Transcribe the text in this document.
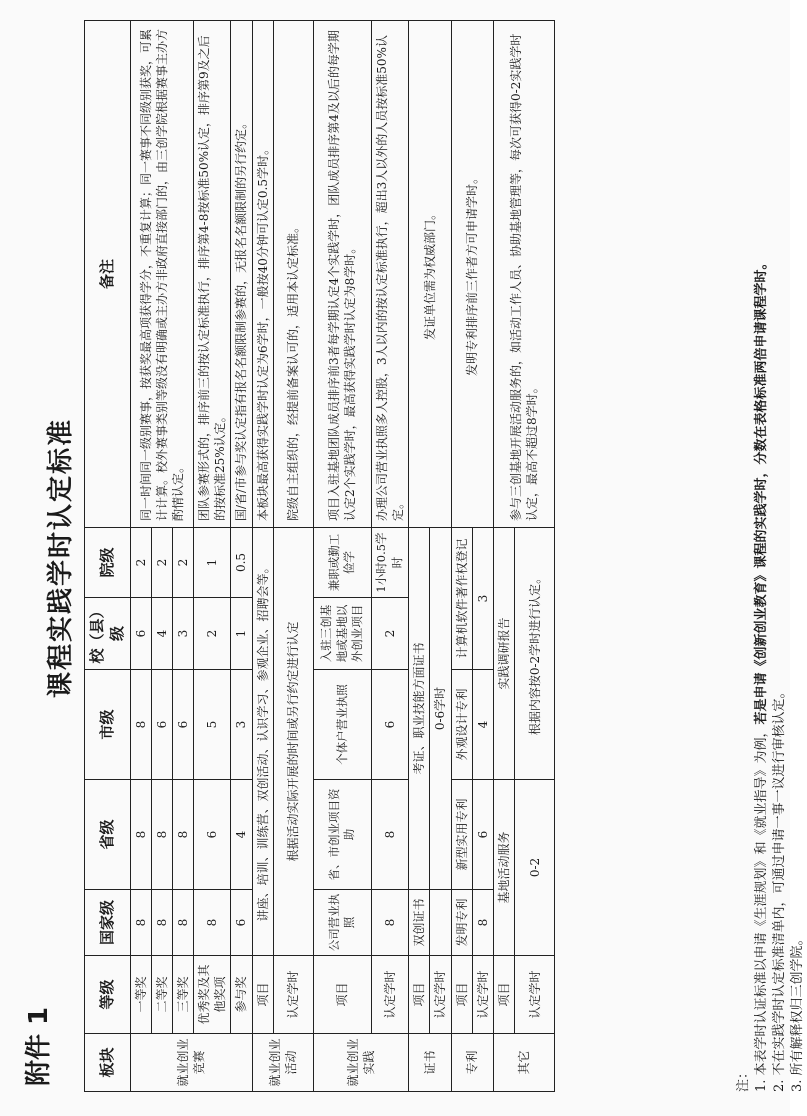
附件 1
课程实践学时认定标准
板块	等级	国家级	省级	市级	校（县）级	院级	备注
就业创业竞赛	一等奖	8	8	8	6	2	同一时间同一级别赛事，按获奖最高项获得学分，不重复计算；同一赛事不同级别获奖，可累计计算。校外赛事类别等级没有明确或主办方非政府直接部门的，由三创学院根据赛事主办方酌情认定。
	二等奖	8	8	6	4	2	
	三等奖	8	8	6	3	2	
	优秀奖及其他奖项	8	6	5	2	1	团队参赛形式的，排序前三的按认定标准执行，排序第4-8按标准50%认定，排序第9及之后的按标准25%认定。
	参与奖	6	4	3	1	0.5	国/省/市参与奖认定指有报名名额限制参赛的，无报名名额限制的另行约定。
就业创业活动	项目	讲座、培训、训练营、双创活动、认识学习、参观企业、招聘会等。					本板块最高获得实践学时认定为6学时，一般按40分钟可认定0.5学时。
	认定学时	根据活动实际开展的时间或另行约定进行认定					院级自主组织的，经提前备案认可的，适用本认定标准。
就业创业实践	项目	公司营业执照	省、市创业项目资助	个体户营业执照	入驻三创基地或基地以外创业项目	兼职或勤工俭学	项目入驻基地团队成员排序前3者每学期认定4个实践学时，团队成员排序第4及以后的每学期认定2个实践学时，最高获得实践学时认定为8学时。
	认定学时	8	8	6	2	1小时0.5学时	办理公司营业执照多人控股，3人以内的按认定标准执行，超出3人以外的人员按标准50%认定。
证书	项目	双创证书	考证、职业技能方面证书				发证单位需为权威部门。
	认定学时		0-6学时				
专利	项目	发明专利	新型实用专利	外观设计专利	计算机软件著作权登记		发明专利排序前三作者方可申请学时。
	认定学时	8	6	4	3		
其它	项目	基地活动服务		实践调研报告			参与三创基地开展活动服务的，如活动工作人员、协助基地管理等，每次可获得0-2实践学时认定，最高不超过8学时。
	认定学时	0-2		根据内容按0-2学时进行认定。			
注： 1. 本表学时认证标准以申请《生涯规划》和《就业指导》为例，若是申请《创新创业教育》课程的实践学时，分数在表格标准两倍申请课程学时。
2. 不在实践学时认定标准清单内，可通过申请一事一议进行审核认定。 3. 所有解释权归三创学院。
